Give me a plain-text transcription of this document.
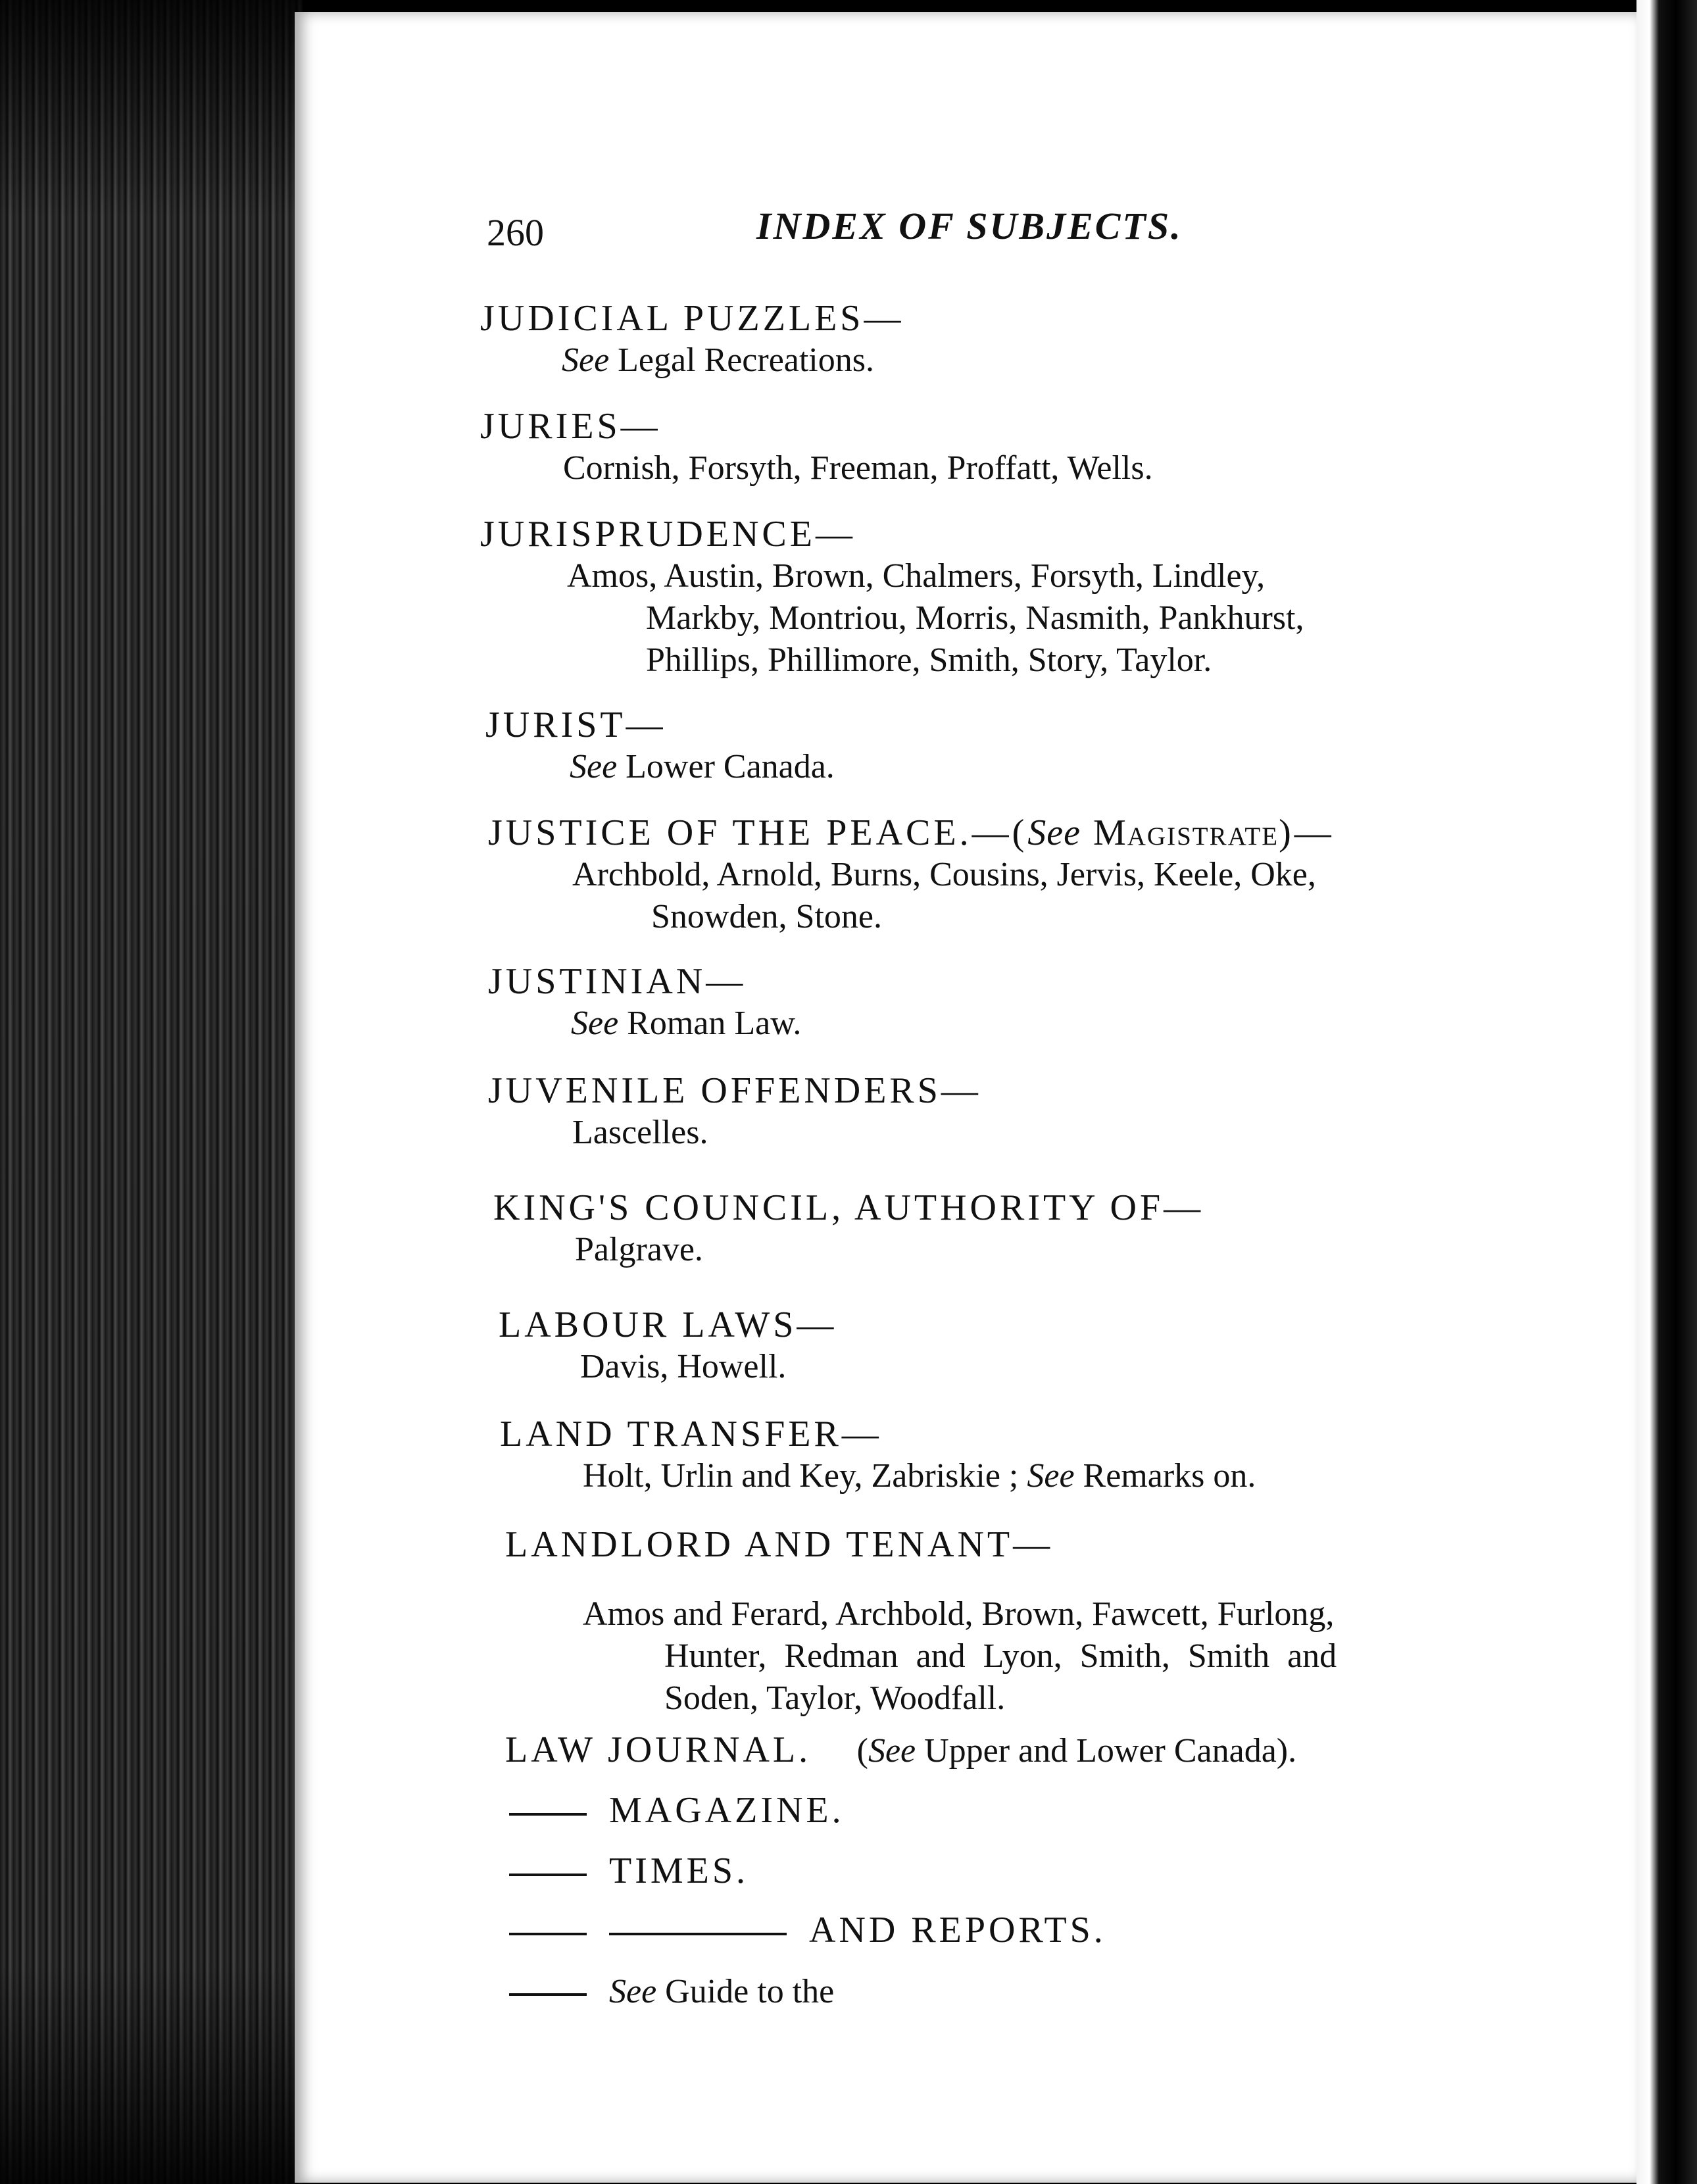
260	INDEX OF SUBJECTS.
JUDICIAL PUZZLES—
See Legal Recreations.
JURIES—
Cornish, Forsyth, Freeman, Proffatt, Wells.
JURISPRUDENCE—
Amos, Austin, Brown, Chalmers, Forsyth, Lindley,
Markby, Montriou, Morris, Nasmith, Pankhurst,
Phillips, Phillimore, Smith, Story, Taylor.
JURIST—
See Lower Canada.
JUSTICE OF THE PEACE.—(See Magistrate)—
Archbold, Arnold, Burns, Cousins, Jervis, Keele, Oke,
Snowden, Stone.
JUSTINIAN—
See Roman Law.
JUVENILE OFFENDERS—
Lascelles.
KING'S COUNCIL, AUTHORITY OF—
Palgrave.
LABOUR LAWS—
Davis, Howell.
LAND TRANSFER—
Holt, Urlin and Key, Zabriskie ; See Remarks on.
LANDLORD AND TENANT—
Amos and Ferard, Archbold, Brown, Fawcett, Furlong,
Hunter, Redman and Lyon, Smith, Smith and
Soden, Taylor, Woodfall.
LAW JOURNAL. (See Upper and Lower Canada).
MAGAZINE.
TIMES.
AND REPORTS.
See Guide to the
